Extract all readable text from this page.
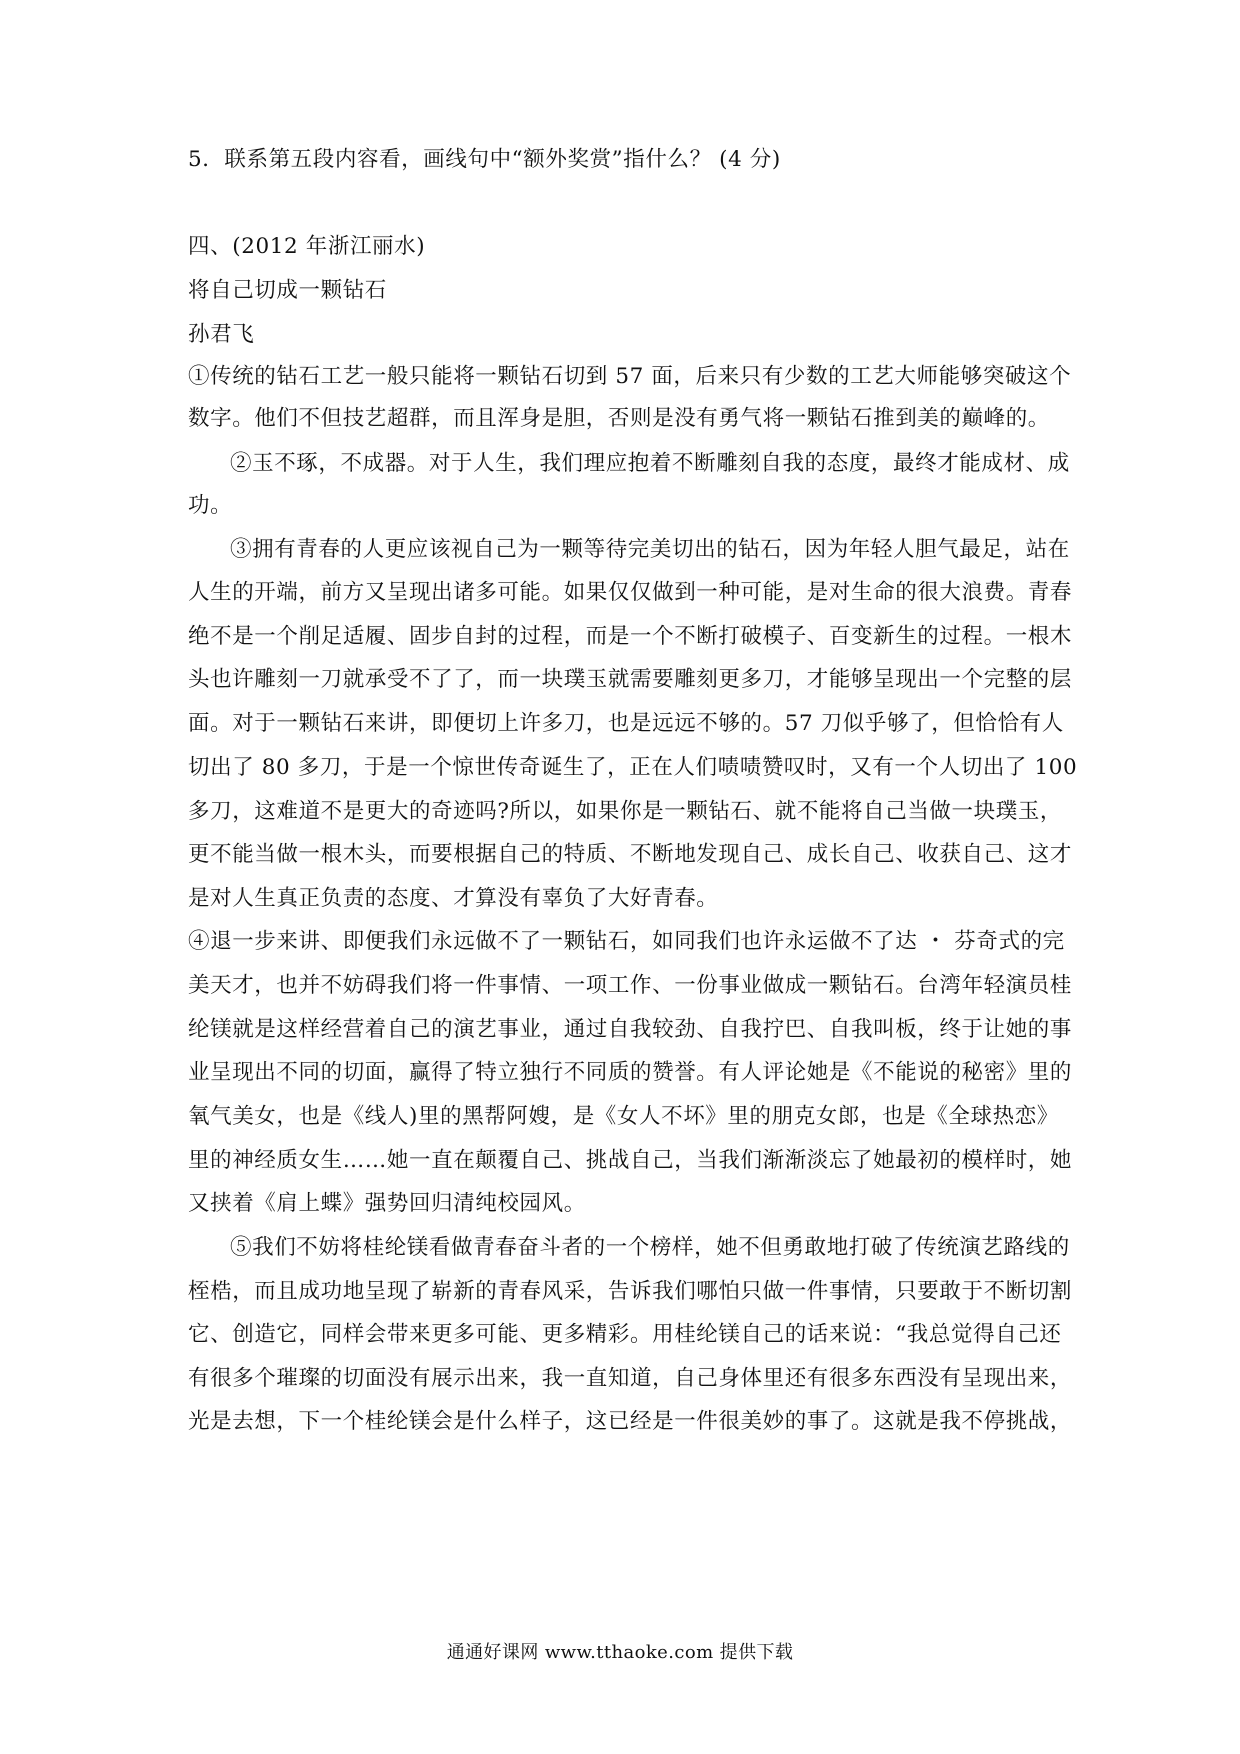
5．联系第五段内容看，画线句中“额外奖赏”指什么？ (4 分)
四、(2012 年浙江丽水)
将自己切成一颗钻石
孙君飞
①传统的钻石工艺一般只能将一颗钻石切到 57 面，后来只有少数的工艺大师能够突破这个
数字。他们不但技艺超群，而且浑身是胆，否则是没有勇气将一颗钻石推到美的巅峰的。
②玉不琢，不成器。对于人生，我们理应抱着不断雕刻自我的态度，最终才能成材、成
功。
③拥有青春的人更应该视自己为一颗等待完美切出的钻石，因为年轻人胆气最足，站在
人生的开端，前方又呈现出诸多可能。如果仅仅做到一种可能，是对生命的很大浪费。青春
绝不是一个削足适履、固步自封的过程，而是一个不断打破模子、百变新生的过程。一根木
头也许雕刻一刀就承受不了了，而一块璞玉就需要雕刻更多刀，才能够呈现出一个完整的层
面。对于一颗钻石来讲，即便切上许多刀，也是远远不够的。57 刀似乎够了，但恰恰有人
切出了 80 多刀，于是一个惊世传奇诞生了，正在人们啧啧赞叹时，又有一个人切出了 100
多刀，这难道不是更大的奇迹吗?所以，如果你是一颗钻石、就不能将自己当做一块璞玉，
更不能当做一根木头，而要根据自己的特质、不断地发现自己、成长自己、收获自己、这才
是对人生真正负责的态度、才算没有辜负了大好青春。
④退一步来讲、即便我们永远做不了一颗钻石，如同我们也许永运做不了达 ・ 芬奇式的完
美天才，也并不妨碍我们将一件事情、一项工作、一份事业做成一颗钻石。台湾年轻演员桂
纶镁就是这样经营着自己的演艺事业，通过自我较劲、自我拧巴、自我叫板，终于让她的事
业呈现出不同的切面，赢得了特立独行不同质的赞誉。有人评论她是《不能说的秘密》里的
氧气美女，也是《线人)里的黑帮阿嫂，是《女人不坏》里的朋克女郎，也是《全球热恋》
里的神经质女生……她一直在颠覆自己、挑战自己，当我们渐渐淡忘了她最初的模样时，她
又挟着《肩上蝶》强势回归清纯校园风。
⑤我们不妨将桂纶镁看做青春奋斗者的一个榜样，她不但勇敢地打破了传统演艺路线的
桎梏，而且成功地呈现了崭新的青春风采，告诉我们哪怕只做一件事情，只要敢于不断切割
它、创造它，同样会带来更多可能、更多精彩。用桂纶镁自己的话来说：“我总觉得自己还
有很多个璀璨的切面没有展示出来，我一直知道，自己身体里还有很多东西没有呈现出来，
光是去想，下一个桂纶镁会是什么样子，这已经是一件很美妙的事了。这就是我不停挑战，
通通好课网 www.tthaoke.com 提供下载
